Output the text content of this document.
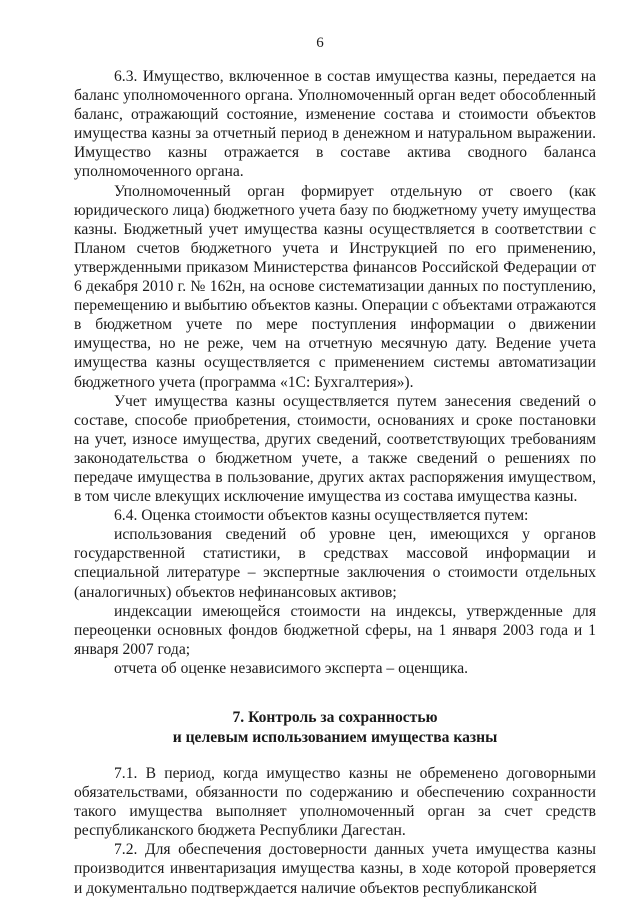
6

6.3. Имущество, включенное в состав имущества казны, передается на баланс уполномоченного органа. Уполномоченный орган ведет обособленный баланс, отражающий состояние, изменение состава и стоимости объектов имущества казны за отчетный период в денежном и натуральном выражении. Имущество казны отражается в составе актива сводного баланса уполномоченного органа.

Уполномоченный орган формирует отдельную от своего (как юридического лица) бюджетного учета базу по бюджетному учету имущества казны. Бюджетный учет имущества казны осуществляется в соответствии с Планом счетов бюджетного учета и Инструкцией по его применению, утвержденными приказом Министерства финансов Российской Федерации от 6 декабря 2010 г. № 162н, на основе систематизации данных по поступлению, перемещению и выбытию объектов казны. Операции с объектами отражаются в бюджетном учете по мере поступления информации о движении имущества, но не реже, чем на отчетную месячную дату. Ведение учета имущества казны осуществляется с применением системы автоматизации бюджетного учета (программа «1С: Бухгалтерия»).

Учет имущества казны осуществляется путем занесения сведений о составе, способе приобретения, стоимости, основаниях и сроке постановки на учет, износе имущества, других сведений, соответствующих требованиям законодательства о бюджетном учете, а также сведений о решениях по передаче имущества в пользование, других актах распоряжения имуществом, в том числе влекущих исключение имущества из состава имущества казны.

6.4. Оценка стоимости объектов казны осуществляется путем:

использования сведений об уровне цен, имеющихся у органов государственной статистики, в средствах массовой информации и специальной литературе – экспертные заключения о стоимости отдельных (аналогичных) объектов нефинансовых активов;

индексации имеющейся стоимости на индексы, утвержденные для переоценки основных фондов бюджетной сферы, на 1 января 2003 года и 1 января 2007 года;

отчета об оценке независимого эксперта – оценщика.

7. Контроль за сохранностью
и целевым использованием имущества казны

7.1. В период, когда имущество казны не обременено договорными обязательствами, обязанности по содержанию и обеспечению сохранности такого имущества выполняет уполномоченный орган за счет средств республиканского бюджета Республики Дагестан.

7.2. Для обеспечения достоверности данных учета имущества казны производится инвентаризация имущества казны, в ходе которой проверяется и документально подтверждается наличие объектов республиканской
